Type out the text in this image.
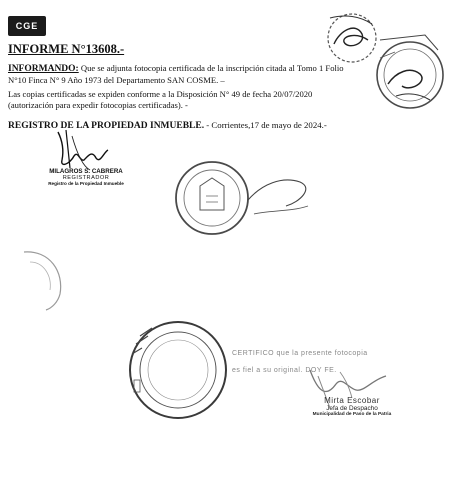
CGE
INFORME N°13608.-
INFORMANDO: Que se adjunta fotocopia certificada de la inscripción citada al Tomo 1 Folio N°10 Finca N° 9 Año 1973 del Departamento SAN COSME. –
Las copias certificadas se expiden conforme a la Disposición N° 49 de fecha 20/07/2020 (autorización para expedir fotocopias certificadas). -
REGISTRO DE LA PROPIEDAD INMUEBLE. - Corrientes,17 de mayo de 2024.-
MILAGROS S. CABRERA
REGISTRADOR
Registro de la Propiedad Inmueble
CERTIFICO que la presente fotocopia
es fiel a su original. DOY FE.
Mirta Escobar
Jefa de Despacho
Municipalidad de Paso de la Patria
